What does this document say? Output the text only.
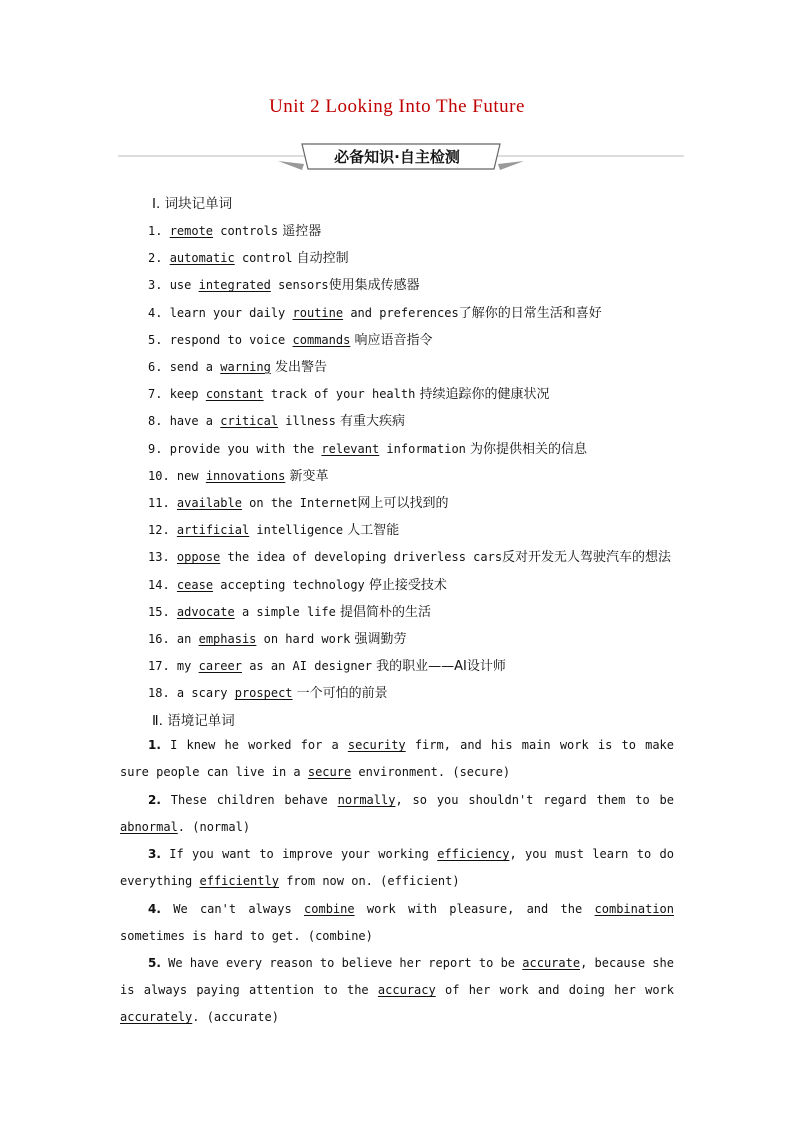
Unit 2 Looking Into The Future
必备知识·自主检测
Ⅰ. 词块记单词
1. remote controls 遥控器
2. automatic control 自动控制
3. use integrated sensors使用集成传感器
4. learn your daily routine and preferences了解你的日常生活和喜好
5. respond to voice commands 响应语音指令
6. send a warning 发出警告
7. keep constant track of your health 持续追踪你的健康状况
8. have a critical illness 有重大疾病
9. provide you with the relevant information 为你提供相关的信息
10. new innovations 新变革
11. available on the Internet网上可以找到的
12. artificial intelligence 人工智能
13. oppose the idea of developing driverless cars反对开发无人驾驶汽车的想法
14. cease accepting technology 停止接受技术
15. advocate a simple life 提倡简朴的生活
16. an emphasis on hard work 强调勤劳
17. my career as an AI designer 我的职业——AI设计师
18. a scary prospect 一个可怕的前景
Ⅱ. 语境记单词
1. I knew he worked for a security firm, and his main work is to make sure people can live in a secure environment. (secure)
2. These children behave normally, so you shouldn't regard them to be abnormal. (normal)
3. If you want to improve your working efficiency, you must learn to do everything efficiently from now on. (efficient)
4. We can't always combine work with pleasure, and the combination sometimes is hard to get. (combine)
5. We have every reason to believe her report to be accurate, because she is always paying attention to the accuracy of her work and doing her work accurately. (accurate)
